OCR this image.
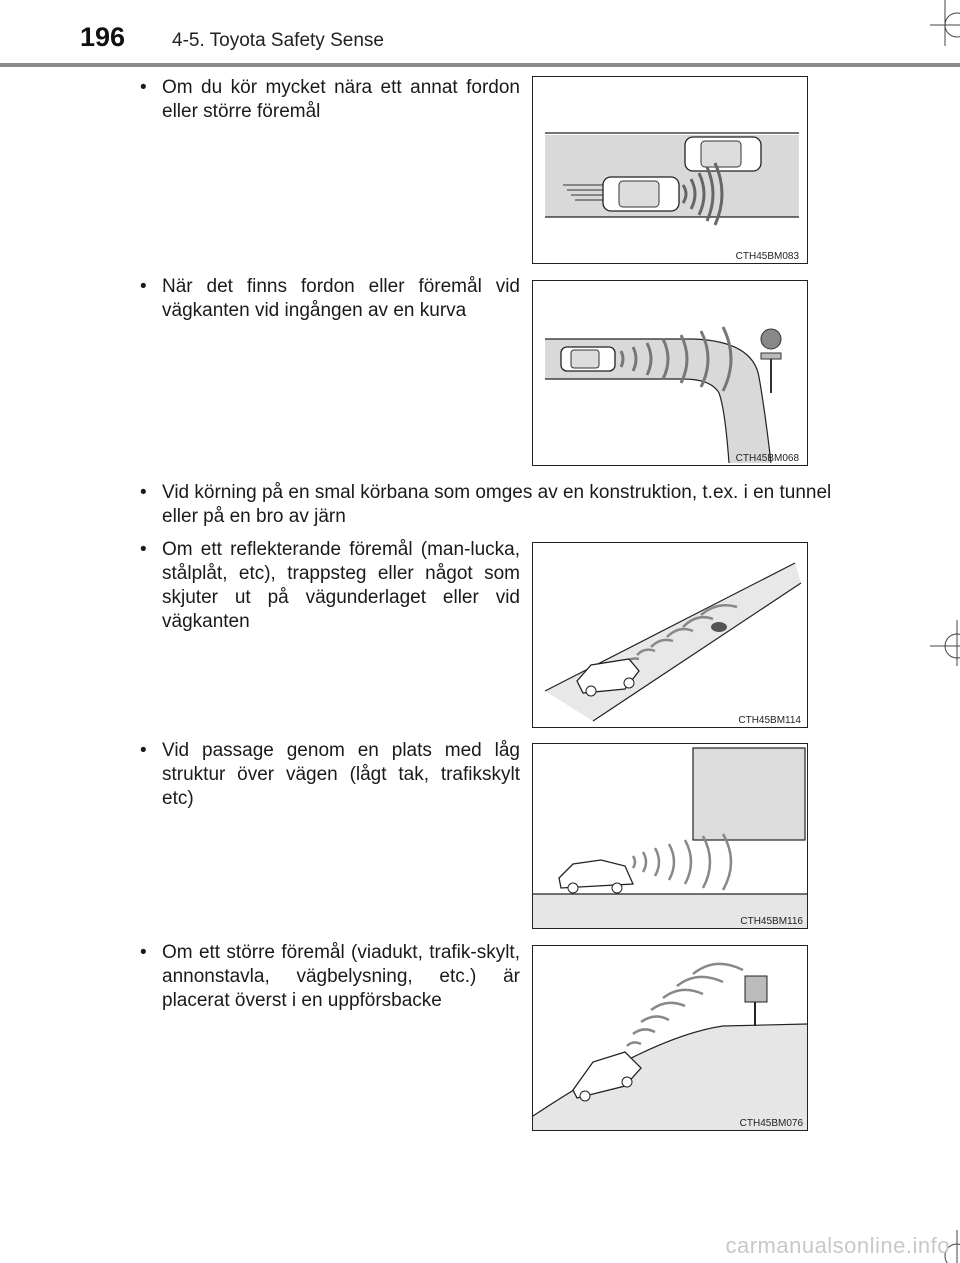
196 4-5. Toyota Safety Sense
• Om du kör mycket nära ett annat fordon eller större föremål
• När det finns fordon eller föremål vid vägkanten vid ingången av en kurva
• Vid körning på en smal körbana som omges av en konstruktion, t.ex. i en tunnel eller på en bro av järn
• Om ett reflekterande föremål (man-lucka, stålplåt, etc), trappsteg eller något som skjuter ut på vägunderlaget eller vid vägkanten
• Vid passage genom en plats med låg struktur över vägen (lågt tak, trafikskylt etc)
• Om ett större föremål (viadukt, trafik-skylt, annonstavla, vägbelysning, etc.) är placerat överst i en uppförsbacke
CTH45BM083
CTH45BM068
CTH45BM114
CTH45BM116
CTH45BM076
carmanualsonline.info
